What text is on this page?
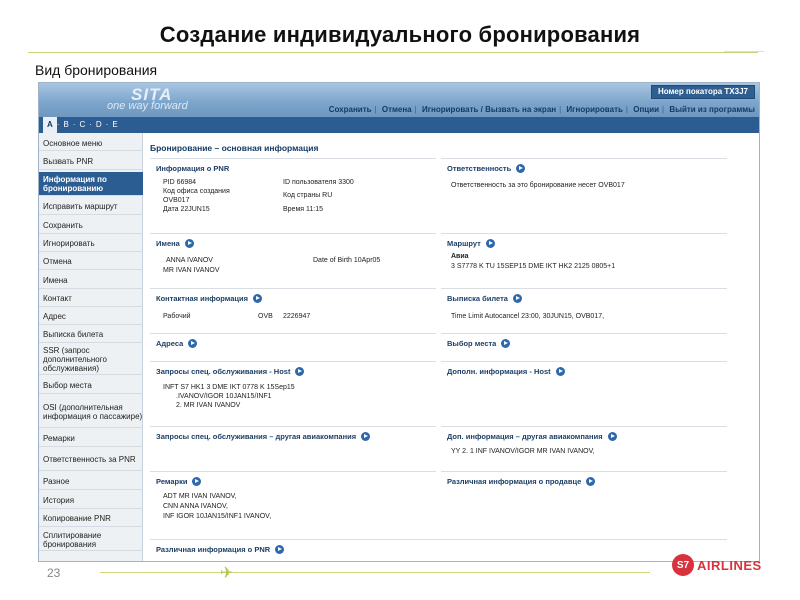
Создание индивидуального бронирования
Вид бронирования
SITA
one way forward
Номер покатора TX3J7
Сохранить | Отмена | Игнорировать / Вызвать на экран | Игнорировать | Опции | Выйти из программы
A · B · C · D · E
Основное меню
Вызвать PNR
Информация по бронированию
Исправить маршрут
Сохранить
Игнорировать
Отмена
Имена
Контакт
Адрес
Выписка билета
SSR (запрос дополнительного обслуживания)
Выбор места
OSI (дополнительная информация о пассажире)
Ремарки
Ответственность за PNR
Разное
История
Копирование PNR
Сплитирование бронирования
Бронирование – основная информация
Информация о PNR
PID 66984	ID пользователя 3300
Код офиса создания
Код страны RU
OVB017
Дата 22JUN15	Время 11:15
Ответственность
Ответственность за это бронирование несет OVB017
Имена
ANNA IVANOV	Date of Birth 10Apr05
MR IVAN IVANOV
Маршрут
Авиа
3 S7778 K TU 15SEP15 DME IKT HK2 2125 0805+1
Контактная информация
Рабочий	OVB 2226947
Выписка билета
Time Limit Autocancel 23:00, 30JUN15, OVB017,
Адреса	Выбор места
Запросы спец. обслуживания - Host
INFT S7 HK1 3 DME IKT 0778 K 15Sep15
.IVANOV/IGOR 10JAN15/INF1
2. MR IVAN IVANOV
Дополн. информация - Host
Запросы спец. обслуживания – другая авиакомпания	Доп. информация – другая авиакомпания
YY 2. 1 INF IVANOV/IGOR MR IVAN IVANOV,
Ремарки
ADT MR IVAN IVANOV,
CNN ANNA IVANOV,
INF IGOR 10JAN15/INF1 IVANOV,
Различная информация о продавце
Различная информация о PNR
23	✈	S7 AIRLINES
